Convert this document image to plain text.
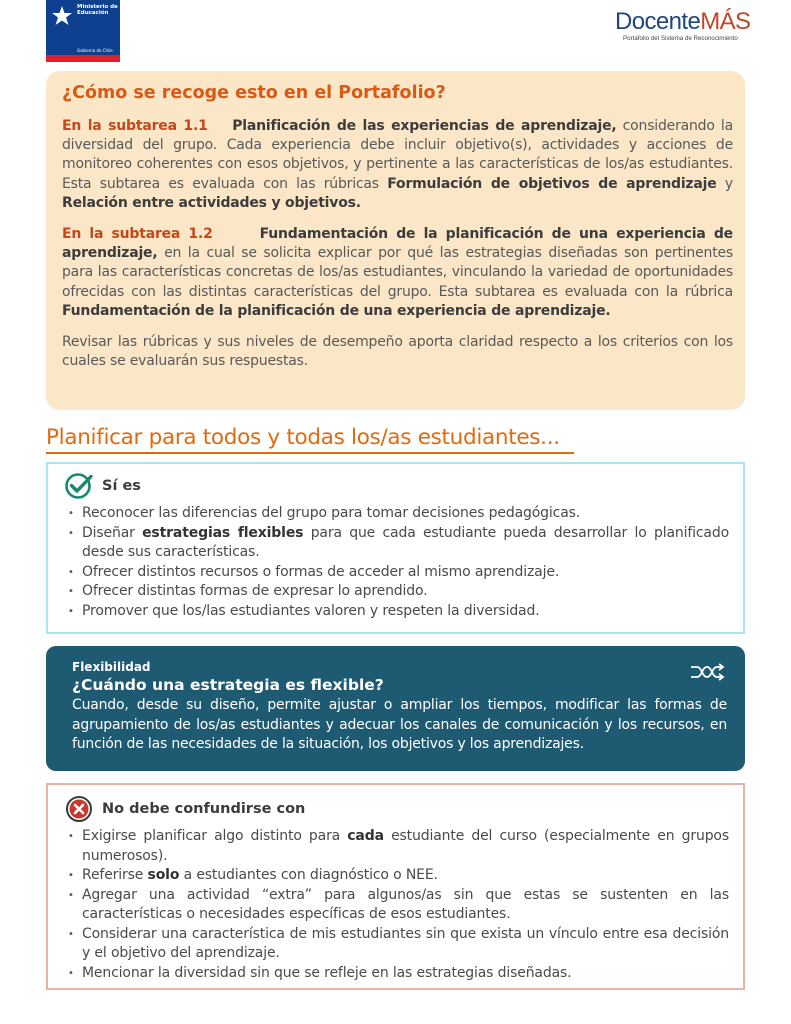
Ministerio de Educación
Gobierno de Chile
DocenteMÁS
Portafolio del Sistema de Reconocimiento
¿Cómo se recoge esto en el Portafolio?

En la subtarea 1.1 Planificación de las experiencias de aprendizaje, considerando la diversidad del grupo. Cada experiencia debe incluir objetivo(s), actividades y acciones de monitoreo coherentes con esos objetivos, y pertinente a las características de los/as estudiantes. Esta subtarea es evaluada con las rúbricas Formulación de objetivos de aprendizaje y Relación entre actividades y objetivos.

En la subtarea 1.2	Fundamentación de la planificación de una experiencia de aprendizaje, en la cual se solicita explicar por qué las estrategias diseñadas son pertinentes para las características concretas de los/as estudiantes, vinculando la variedad de oportunidades ofrecidas con las distintas características del grupo. Esta subtarea es evaluada con la rúbrica Fundamentación de la planificación de una experiencia de aprendizaje.

Revisar las rúbricas y sus niveles de desempeño aporta claridad respecto a los criterios con los cuales se evaluarán sus respuestas.

Planificar para todos y todas los/as estudiantes...
Sí es
• Reconocer las diferencias del grupo para tomar decisiones pedagógicas.
• Diseñar estrategias flexibles para que cada estudiante pueda desarrollar lo planificado desde sus características.
• Ofrecer distintos recursos o formas de acceder al mismo aprendizaje.
• Ofrecer distintas formas de expresar lo aprendido.
• Promover que los/las estudiantes valoren y respeten la diversidad.

Flexibilidad

¿Cuándo una estrategia es flexible?

Cuando, desde su diseño, permite ajustar o ampliar los tiempos, modificar las formas de agrupamiento de los/as estudiantes y adecuar los canales de comunicación y los recursos, en función de las necesidades de la situación, los objetivos y los aprendizajes.

No debe confundirse con
• Exigirse planificar algo distinto para cada estudiante del curso (especialmente en grupos numerosos).
• Referirse solo a estudiantes con diagnóstico o NEE.
• Agregar una actividad “extra” para algunos/as sin que estas se sustenten en las características o necesidades específicas de esos estudiantes.
• Considerar una característica de mis estudiantes sin que exista un vínculo entre esa decisión y el objetivo del aprendizaje.
• Mencionar la diversidad sin que se refleje en las estrategias diseñadas.
